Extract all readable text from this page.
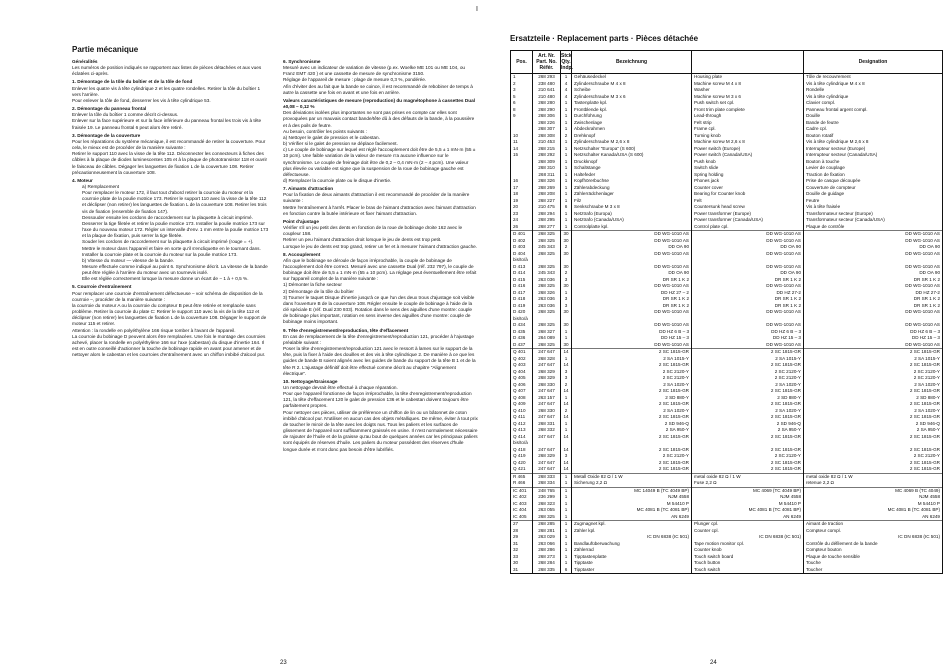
I
Partie mécanique

Généralités

Les numéros de position indiqués se rapportent aux listes de pièces détachées et aux vues éclatées ci-après.

1. Démontage de la tôle du boîtier et de la tôle de fond

Enlever les quatre vis à tête cylindrique 2 et les quatre rondelles. Retirer la tôle du boîtier 1 vers l'arrière.

Pour enlever la tôle de fond, desserrer les vis à tête cylindrique 53.

2. Démontage du panneau frontal

Enlever la tôle du boîtier 1 comme décrit ci-dessus.

Enlever sur la face supérieure et sur la face inférieure du panneau frontal les trois vis à tête fraisée 19. Le panneau frontal 6 peut alors être retiré.

3. Démontage de la couverture

Pour les réparations du système mécanique, il est recommandé de retirer la couverture. Pour cela, le mieux est de procéder de la manière suivante :

Retirer le support 110 avec la visse de la tête 112. Déconnecter les connecteurs à fiches des câbles à la plaque de diodes luminescentes 105 et à la plaque de phototransistor 118 et ouvrir le faisceau de câbles. Dégager les languettes de fixation L de la couverture 108. Retirer précautionneusement la couverture 108.

4. Moteur

a) Remplacement

Pour remplacer le moteur 172, il faut tout d'abord retirer la courroie du moteur et la courroie plate de la poulie motrice 173. Retirer le support 110 avec la visse de la tête 112 et déclipser (non retirer) les languettes de fixation L de la couverture 108. Retirer les trois vis de fixation (ensemble de fixation 147).

Dessouder ensuite les cordons de raccordement sur la plaquette à circuit imprimé.

Desserrer la tige filetée et retirer la poulie motrice 173. Installer la poulie motrice 173 sur l'axe du nouveau moteur 172. Régler un intervalle d'env. 1 mm entre la poulie motrice 173 et la plaque de fixation, puis serrer la tige filetée.

Souder les cordons de raccordement sur la plaquette à circuit imprimé (rouge = +).

Mettre le moteur dans l'appareil et faire en sorte qu'il s'encliquette en le tournant dans.

Installer la courroie plate et la courroie du moteur sur la poulie motrice 173.

b) Vitesse du moteur — vitesse de la bande.

Mesure effectuée comme indiqué au point 6. Synchronisme décrit. La vitesse de la bande peut être réglée à l'arrière du moteur avec un tournevis isolé.

Elle est réglée correctement lorsque la mesure donne un écart de − 1 à + 0,5 %.

5. Courroie d'entraînement

Pour remplacer une courroie d'entraînement défectueuse – voir schéma de disposition de la courroie –, procéder de la manière suivante :

la courroie du moteur A ou la courroie du compteur B peut être retirée et remplacée sans problème. Retirer la courroie du plate C: Retirer le support 110 avec la vis de la tête 112 et déclipser (non retirer) les languettes de fixation L de la couverture 108. Dégager le support de moteur 115 et retirer.

Attention : la rondelle en polyéthylène 166 risque tomber à l'avant de l'appareil.

La courroie du bobinage D peuvent alors être remplacées. Une fois le montage des courroies achevé, placer la rondelle en polyéthylène 166 sur l'axe (cabestan) du disque d'inertie 164. Il est en outre conseillé d'actionner la touche de bobinage rapide en avant pour amener et de nettoyer alors le cabestan et les courroies d'entraînement avec un chiffon imbibé d'alcool pur.

6. Synchronisme

Mesuré avec un indicateur de variation de vitesse (p.ex. Woelke ME 101 ou ME 104, ou Franz EMT 420 ) et une cassette de mesure de synchronisme 3150.

Réglage de l'appareil de mesure : plage de mesure 0,3 %, pondérée.

Afin d'éviter des au fait que la bande se coince, il est recommandé de rebobiner de temps à autre la cassette une fois en avant et une fois en arrière.

Valeurs caractéristiques de mesure (reproduction) du magnétophone à cassettes Dual ±0,08 – 0,12 %

Des déviations isolées plus importantes ne sont pas prises en compte car elles sont provoquées par un mauvais contact bande/tête dû à des défauts de la bande, à la poussière et à des poils de feutre.

Au besoin, contrôler les points suivants :

a) Nettoyer le galet de pression et le cabestan.

b) Vérifier si le galet de pression se déplace facilement.

c) Le couple de bobinage sur lequel est réglé l'accouplement doit être de 5,5 ± 1 mN·m (55 ± 10 pcm). Une faible variation de la valeur de mesure n'a aucune influence sur le synchronisme. Le couple de freinage doit être de 0,2 – 0,4 mN·m (2 – 4 pcm). Une valeur plus élevée ou variable est signe que la suspension de la roue de bobinage gauche est défectueuse.

d) Remplacer la courroie plate ou le disque d'inertie.

7. Aimants d'attraction

Pour la fixation de deux aimants d'attraction il est recommandé de procéder de la manière suivante :

Mettre l'entraînement à l'arrêt. Placer le bras de l'aimant d'attraction avec l'aimant d'attraction en fonction contre la butée intérieure et fixer l'aimant d'attraction.

Point d'ajustage

Vérifier s'il un jeu petit des dents en fonction de la roue de bobinage droite 162 avec le coupleur 158.

Retirer un peu l'aimant d'attraction droit lorsque le jeu de dents est trop petit.

Lorsque le jeu de dents est trop grand, retirer un fer et à mesurer l'aimant d'attraction gauche.

8. Accouplement

Afin que le bobinage se déroule de façon irréprochable, la couple de bobinage de l'accouplement doit être correct. Mesuré avec une cassette Dual (réf. 232 797), le couple de bobinage doit être de 5,5 ± 1 mN·m (55 ± 10 pcm). La réglage peut éventuellement être refait sur l'appareil complet de la manière suivante :

1) Démonter la fiche secteur

2) Démontage de la tôle du boîtier

3) Tourner le taquet Disque d'inertie jusqu'à ce que l'un des deux trous d'ajustage soit visible dans l'ouverture B de la couverture 108. Régler ensuite le couple de bobinage à l'aide de la clé spéciale E (réf. Dual 230 933). Rotation dans le sens des aiguilles d'une montre: couple de bobinage plus important, rotation en sens inverse des aiguilles d'une montre: couple de bobinage moins important.

9. Tête d'enregistrement/reproduction, tête d'effacement

En cas de remplacement de la tête d'enregistrement/reproduction 121, procéder à l'ajustage préalable suivant :

Poser la tête d'enregistrement/reproduction 121 avec le ressort à lames sur le support de la tête, puis la fixer à l'aide des douilles et des vis à tête cylindrique 2. De manière à ce que les guides de bande B soient alignés avec les guides de bande du support de la tête B 1 et de la tête R 2. L'ajustage définitif doit être effectué comme décrit au chapitre "Alignement électrique".

10. Nettoyage/Graissage

Un nettoyage devrait être effectué à chaque réparation.

Pour que l'appareil fonctionne de façon irréprochable, la tête d'enregistrement/reproduction 121, la tête d'effacement 120 le galet de pression 136 et le cabestan doivent toujours être parfaitement propres.

Pour nettoyer ces pièces, utiliser de préférence un chiffon de lin ou un bâtonnet de coton imbibé d'alcool pur. N'utiliser en aucun cas des objets métalliques. De même, éviter à tout prix de toucher le miroir de la tête avec les doigts nus. Tous les paliers et les surfaces de glissement de l'appareil sont suffisamment graissés en usine. Il n'est normalement nécessaire de rajouter de l'huile et de la graisse qu'au bout de quelques années car les principaux paliers sont équipés de réserves d'huile. Les paliers du moteur possèdent des réserves d'huile longue durée et n'ont donc pas besoin d'être lubrifiés.

23
Ersatzteile · Replacement parts · Pièces détachée
24
Pos.	Art. Nr. Part. No. Référ.	Stck Qty. Indp.	Bezeichnung		Designation
1	268 293	1	Gehäusedeckel	Housing plate	Tôle de recouvrement
2	238 480	4	Zylinderschraube M 4 x 8	Machine screw M 4 x 8	Vis à tête cylindrique M 4 x 8
3	210 641	4	Scheibe	Washer	Rondelle
5	210 480	4	Zylinderschraube M 3 x 6	Machine screw M 3 x 6	Vis à tête cylindrique
6	268 280	1	Tastenplatte kpl.	Push switch set cpl.	Clavier compl.
8	268 290	1	Frontblende kpl.	Front trim plate complete	Panneau frontal argent compl.
9	268 306	1	Durchführung	Lead-through	Douille
	268 226	1	Zwischenlage	Felt strip	Bande de feutre
	268 307	1	Abdeckrahmen	Frame cpl.	Cadre cpl.
10	268 308	2	Drehknopf	Turning knob	Bouton rotatif
11	210 453	1	Zylinderschraube M 2,6 x 8	Machine screw M 2,6 x 8	Vis à tête cylindrique M 2,6 x 8
14	268 215	1	Netzschalter "Europa" (S 600)	Power switch (Europe)	Interrupteur secteur (Europe)
15	268 292	1	Netzschalter Kanada/USA (S 600)	Power switch (Canada/USA)	Interrupteur secteur (Canada/USA)
	268 309	1	Druckknopf	Push knob	Bouton à touche
	268 310	1	Schaltstange	Switch slide	Levier de couplage
	268 311	1	Haltefeder	Spring holding	Traction de fixation
16	268 326	1	Kopfhörerbuchse	Phones jack	Prise de casque découpée
17	268 269	1	Zählerabdeckung	Counter cover	Couverture de compteur
18	268 208	1	Zählerrädchenlager	Bearing for Counter knob	Douille de guidage
19	268 227	1	Filz	Felt	Feutre
20	210 475	6	Senkschraube M 3 x 8	Countersunk head screw	Vis à tête fraisée
23	268 294	1	Netztrafo (Europa)	Power transformer (Europe)	Transformateur secteur (Europe)
24	268 295	1	Netztrafo (Canada/USA)	Power transformer (Canada/USA)	Transformateur secteur (Canada/USA)
26	268 277	1	Controlplatte kpl.	Control plate cpl.	Plaque de contrôle
D 401	268 325	30	DD WG-1010 AS	DD WG-1010 AS	DD WG-1010 AS
D 402	268 325	30	DD WG-1010 AS	DD WG-1010 AS	DD WG-1010 AS
D 403	245 343	2	DD OA 90	DD OA 90	DD OA 90
D 404	268 325	30	DD WG-1010 AS	DD WG-1010 AS	DD WG-1010 AS
bis/to/à					
D 413	268 325	30	DD WG-1010 AS	DD WG-1010 AS	DD WG-1010 AS
D 414	245 343	2	DD OA 90	DD OA 90	DD OA 90
D 415	263 036	3	DR SR 1 K 2	DR SR 1 K 2	DR SR 1 K 2
D 416	268 325	30	DD WG-1010 AS	DD WG-1010 AS	DD WG-1010 AS
D 417	268 326	1	DD HZ 27 – 2	DD HZ 27-2	DD HZ 27-2
D 418	263 036	3	DR SR 1 K 2	DR SR 1 K 2	DR SR 1 K 2
D 419	263 036	3	DR SR 1 K 2	DR SR 1 K 2	DR SR 1 K 2
D 420	268 325	30	DD WG-1010 AS	DD WG-1010 AS	DD WG-1010 AS
bis/to/à					
D 434	268 325	30	DD WG-1010 AS	DD WG-1010 AS	DD WG-1010 AS
D 435	268 327	1	DD HZ 6 B – 3	DD HZ 6 B – 3	DD HZ 6 B – 3
D 436	264 089	1	DD HZ 15 – 3	DD HZ 15 – 3	DD HZ 15 – 3
D 437	268 325	30	DD WG-1010 AS	DD WG-1010 AS	DD WG-1010 AS
Q 401	247 647	14	2 SC 1815-GR	2 SC 1815-GR	2 SC 1815-GR
Q 402	268 328	1	2 SA 1015-Y	2 SA 1015-Y	2 SA 1015-Y
Q 403	247 647	14	2 SC 1815-GR	2 SC 1815-GR	2 SC 1815-GR
Q 404	268 329	3	2 SC 2120-Y	2 SC 2120-Y	2 SC 2120-Y
Q 405	268 329	3	2 SC 2120-Y	2 SC 2120-Y	2 SC 2120-Y
Q 406	268 330	2	2 SA 1020-Y	2 SA 1020-Y	2 SA 1020-Y
Q 407	247 647	14	2 SC 1815-GR	2 SC 1815-GR	2 SC 1815-GR
Q 408	263 157	1	2 SD 880-Y	2 SD 880-Y	2 SD 880-Y
Q 409	247 647	14	2 SC 1815-GR	2 SC 1815-GR	2 SC 1815-GR
Q 410	268 330	2	2 SA 1020-Y	2 SA 1020-Y	2 SA 1020-Y
Q 411	247 647	14	2 SC 1815-GR	2 SC 1815-GR	2 SC 1815-GR
Q 412	268 331	1	2 SD 946-Q	2 SD 946-Q	2 SD 946-Q
Q 413	268 332	1	2 SA 950-Y	2 SA 950-Y	2 SA 950-Y
Q 414	247 647	14	2 SC 1815-GR	2 SC 1815-GR	2 SC 1815-GR
bis/to/à					
Q 418	247 647	14	2 SC 1815-GR	2 SC 1815-GR	2 SC 1815-GR
Q 419	268 329	3	2 SC 2120-Y	2 SC 2120-Y	2 SC 2120-Y
Q 420	247 647	14	2 SC 1815-GR	2 SC 1815-GR	2 SC 1815-GR
Q 421	247 647	14	2 SC 1815-GR	2 SC 1815-GR	2 SC 1815-GR
R 465	268 333	1	Metall Oxide 82 Ω / 1 W	metal oxide 82 Ω / 1 W	metal oxide 82 Ω / 1 W
R 466	268 334	1	Sicherung 2,2 Ω	Fuse 2,2 Ω	retenue 2,2 Ω
IC 401	248 765	1	MC 14049 B (TC 4049 BP)	MC 4069 (TC 4049 BP)	MC 4069 B (TC 4049)
IC 402	236 299	1	NJM 4558	NJM 4558	NJM 4558
IC 403	268 323	1	M 54410 P	M 54410 P	M 54410 P
IC 404	263 055	1	MC 4081 B (TC 4081 BP)	MC 4081 B (TC 4081 BP)	MC 4081 B (TC 4081 BP)
IC 405	268 325	1	AN 6249	AN 6249	AN 6249
27	268 285	1	Zugmagnet kpl.	Plunger cpl.	Aimant de traction
28	268 281	1	Zähler kpl.	Counter cpl.	Compteur compl.
29	263 029	1	IC DN 6838 (IC 501)	IC DN 6838 (IC 501)	IC DN 6838 (IC 501)
31	263 066	1	Bandlaufüberwachung	Tape motion monitor cpl.	Contrôle du défilement de la bande
32	268 286	1	Zählerrad	Counter knob	Compteur bouton
33	268 273	1	Tipptastenplatte	Touch switch board	Plaque de touche sensible
30	268 284	1	Tipptaste	Touch button	Touche
31	268 335	6	Tipptaster	Touch switch	Toucher
